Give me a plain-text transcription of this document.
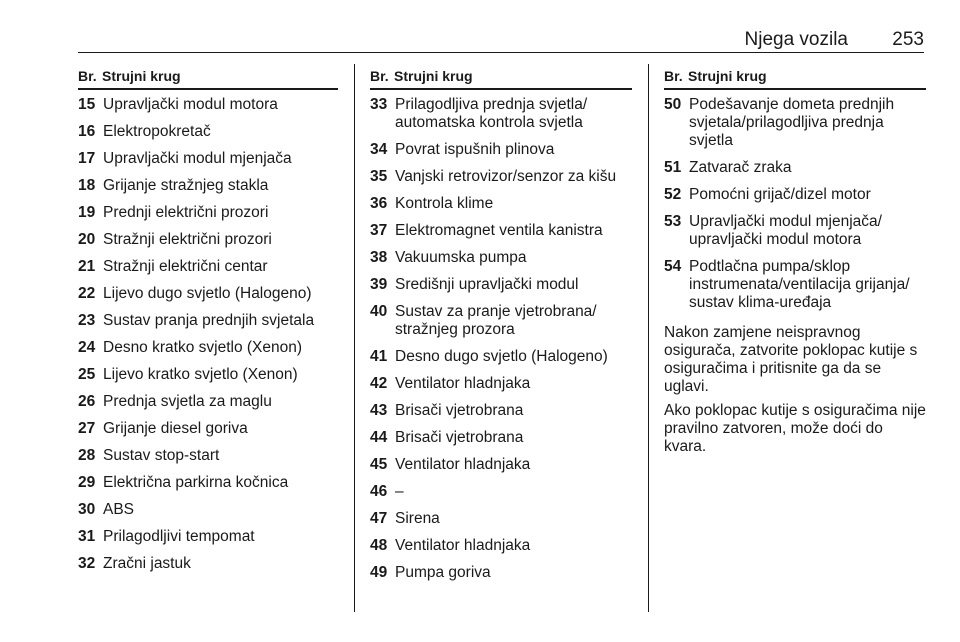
Njega vozila 253
Br. Strujni krug
15 Upravljački modul motora
16 Elektropokretač
17 Upravljački modul mjenjača
18 Grijanje stražnjeg stakla
19 Prednji električni prozori
20 Stražnji električni prozori
21 Stražnji električni centar
22 Lijevo dugo svjetlo (Halogeno)
23 Sustav pranja prednjih svjetala
24 Desno kratko svjetlo (Xenon)
25 Lijevo kratko svjetlo (Xenon)
26 Prednja svjetla za maglu
27 Grijanje diesel goriva
28 Sustav stop-start
29 Električna parkirna kočnica
30 ABS
31 Prilagodljivi tempomat
32 Zračni jastuk
Br. Strujni krug
33 Prilagodljiva prednja svjetla/ automatska kontrola svjetla
34 Povrat ispušnih plinova
35 Vanjski retrovizor/senzor za kišu
36 Kontrola klime
37 Elektromagnet ventila kanistra
38 Vakuumska pumpa
39 Središnji upravljački modul
40 Sustav za pranje vjetrobrana/ stražnjeg prozora
41 Desno dugo svjetlo (Halogeno)
42 Ventilator hladnjaka
43 Brisači vjetrobrana
44 Brisači vjetrobrana
45 Ventilator hladnjaka
46 –
47 Sirena
48 Ventilator hladnjaka
49 Pumpa goriva
Br. Strujni krug
50 Podešavanje dometa prednjih svjetala/prilagodljiva prednja svjetla
51 Zatvarač zraka
52 Pomoćni grijač/dizel motor
53 Upravljački modul mjenjača/ upravljački modul motora
54 Podtlačna pumpa/sklop instrumenata/ventilacija grijanja/ sustav klima-uređaja

Nakon zamjene neispravnog osigurača, zatvorite poklopac kutije s osiguračima i pritisnite ga da se uglavi.

Ako poklopac kutije s osiguračima nije pravilno zatvoren, može doći do kvara.
